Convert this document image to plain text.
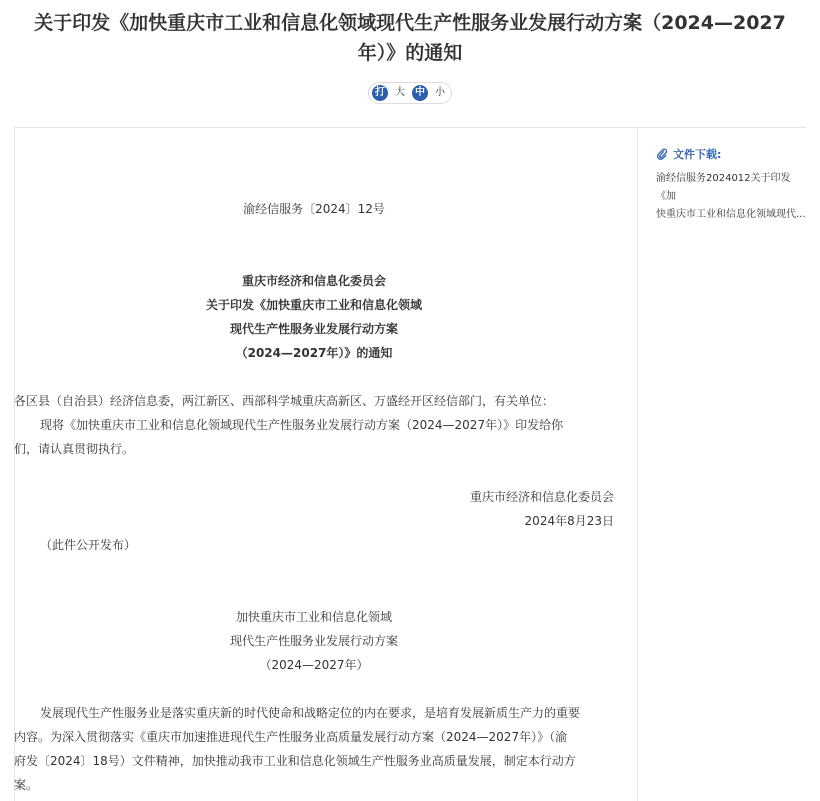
关于印发《加快重庆市工业和信息化领域现代生产性服务业发展行动方案（2024—2027
年）》的通知
打	大	中	小
文件下载:
渝经信服务2024012关于印发《加
快重庆市工业和信息化领域现代...
渝经信服务〔2024〕12号
重庆市经济和信息化委员会
关于印发《加快重庆市工业和信息化领域
现代生产性服务业发展行动方案
（2024—2027年）》的通知
各区县（自治县）经济信息委，两江新区、西部科学城重庆高新区、万盛经开区经信部门，有关单位：
现将《加快重庆市工业和信息化领域现代生产性服务业发展行动方案（2024—2027年）》印发给你
们，请认真贯彻执行。
重庆市经济和信息化委员会
2024年8月23日
（此件公开发布）
加快重庆市工业和信息化领域
现代生产性服务业发展行动方案
（2024—2027年）
发展现代生产性服务业是落实重庆新的时代使命和战略定位的内在要求，是培育发展新质生产力的重要
内容。为深入贯彻落实《重庆市加速推进现代生产性服务业高质量发展行动方案（2024—2027年）》（渝
府发〔2024〕18号）文件精神，加快推动我市工业和信息化领域生产性服务业高质量发展，制定本行动方
案。
